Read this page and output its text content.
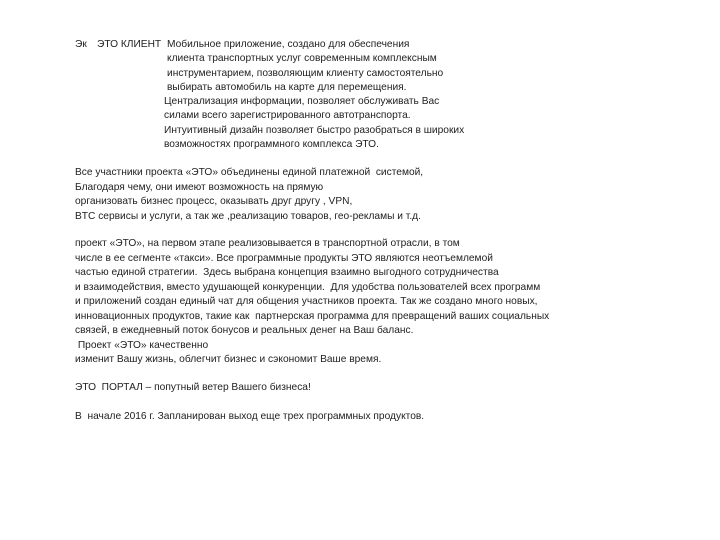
Эк ЭТО КЛИЕНТ Мобильное приложение, создано для обеспечения
клиента транспортных услуг современным комплексным
инструментарием, позволяющим клиенту самостоятельно
выбирать автомобиль на карте для перемещения.
Централизация информации, позволяет обслуживать Вас
силами всего зарегистрированного автотранспорта.
Интуитивный дизайн позволяет быстро разобраться в широких
возможностях программного комплекса ЭТО.
Все участники проекта «ЭТО» объединены единой платежной  системой,
Благодаря чему, они имеют возможность на прямую
организовать бизнес процесс, оказывать друг другу , VPN,
BTC сервисы и услуги, а так же ,реализацию товаров, гео-рекламы и т.д.
проект «ЭТО», на первом этапе реализовывается в транспортной отрасли, в том
числе в ее сегменте «такси». Все программные продукты ЭТО являются неотъемлемой
частью единой стратегии.  Здесь выбрана концепция взаимно выгодного сотрудничества
и взаимодействия, вместо удушающей конкуренции.  Для удобства пользователей всех программ
и приложений создан единый чат для общения участников проекта. Так же создано много новых,
инновационных продуктов, такие как  партнерская программа для превращений ваших социальных
связей, в ежедневный поток бонусов и реальных денег на Ваш баланс.
Проект «ЭТО» качественно
изменит Вашу жизнь, облегчит бизнес и сэкономит Ваше время.
ЭТО  ПОРТАЛ – попутный ветер Вашего бизнеса!
В  начале 2016 г. Запланирован выход еще трех программных продуктов.
